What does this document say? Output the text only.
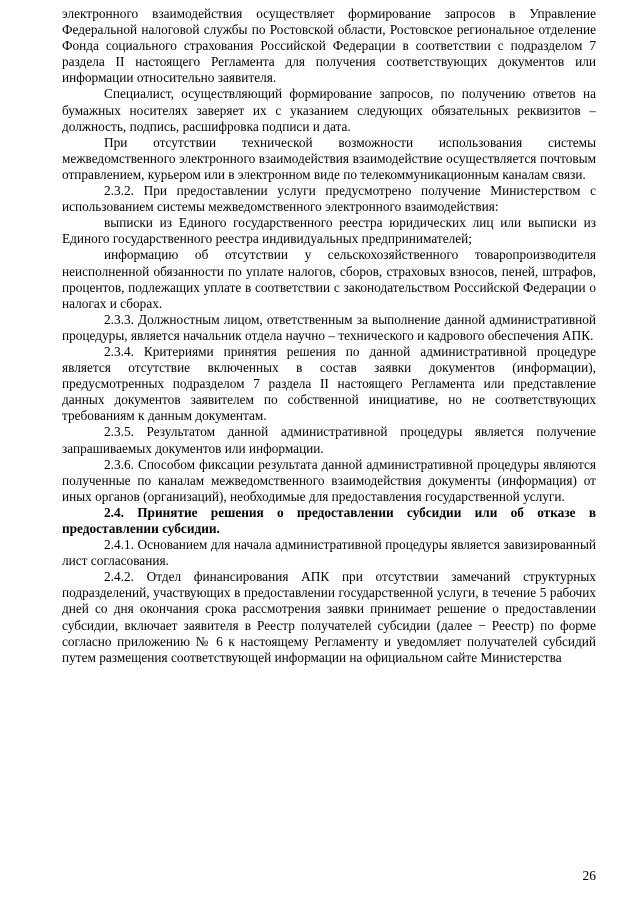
электронного взаимодействия осуществляет формирование запросов в Управление Федеральной налоговой службы по Ростовской области, Ростовское региональное отделение Фонда социального страхования Российской Федерации в соответствии с подразделом 7 раздела II настоящего Регламента для получения соответствующих документов или информации относительно заявителя.

Специалист, осуществляющий формирование запросов, по получению ответов на бумажных носителях заверяет их с указанием следующих обязательных реквизитов – должность, подпись, расшифровка подписи и дата.

При отсутствии технической возможности использования системы межведомственного электронного взаимодействия взаимодействие осуществляется почтовым отправлением, курьером или в электронном виде по телекоммуникационным каналам связи.

2.3.2. При предоставлении услуги предусмотрено получение Министерством с использованием системы межведомственного электронного взаимодействия:

выписки из Единого государственного реестра юридических лиц или выписки из Единого государственного реестра индивидуальных предпринимателей;

информацию об отсутствии у сельскохозяйственного товаропроизводителя неисполненной обязанности по уплате налогов, сборов, страховых взносов, пеней, штрафов, процентов, подлежащих уплате в соответствии с законодательством Российской Федерации о налогах и сборах.

2.3.3. Должностным лицом, ответственным за выполнение данной административной процедуры, является начальник отдела научно – технического и кадрового обеспечения АПК.

2.3.4. Критериями принятия решения по данной административной процедуре является отсутствие включенных в состав заявки документов (информации), предусмотренных подразделом 7 раздела II настоящего Регламента или представление данных документов заявителем по собственной инициативе, но не соответствующих требованиям к данным документам.

2.3.5. Результатом данной административной процедуры является получение запрашиваемых документов или информации.

2.3.6. Способом фиксации результата данной административной процедуры являются полученные по каналам межведомственного взаимодействия документы (информация) от иных органов (организаций), необходимые для предоставления государственной услуги.

2.4. Принятие решения о предоставлении субсидии или об отказе в предоставлении субсидии.

2.4.1. Основанием для начала административной процедуры является завизированный лист согласования.

2.4.2. Отдел финансирования АПК при отсутствии замечаний структурных подразделений, участвующих в предоставлении государственной услуги, в течение 5 рабочих дней со дня окончания срока рассмотрения заявки принимает решение о предоставлении субсидии, включает заявителя в Реестр получателей субсидии (далее − Реестр) по форме согласно приложению № 6 к настоящему Регламенту и уведомляет получателей субсидий путем размещения соответствующей информации на официальном сайте Министерства

26
